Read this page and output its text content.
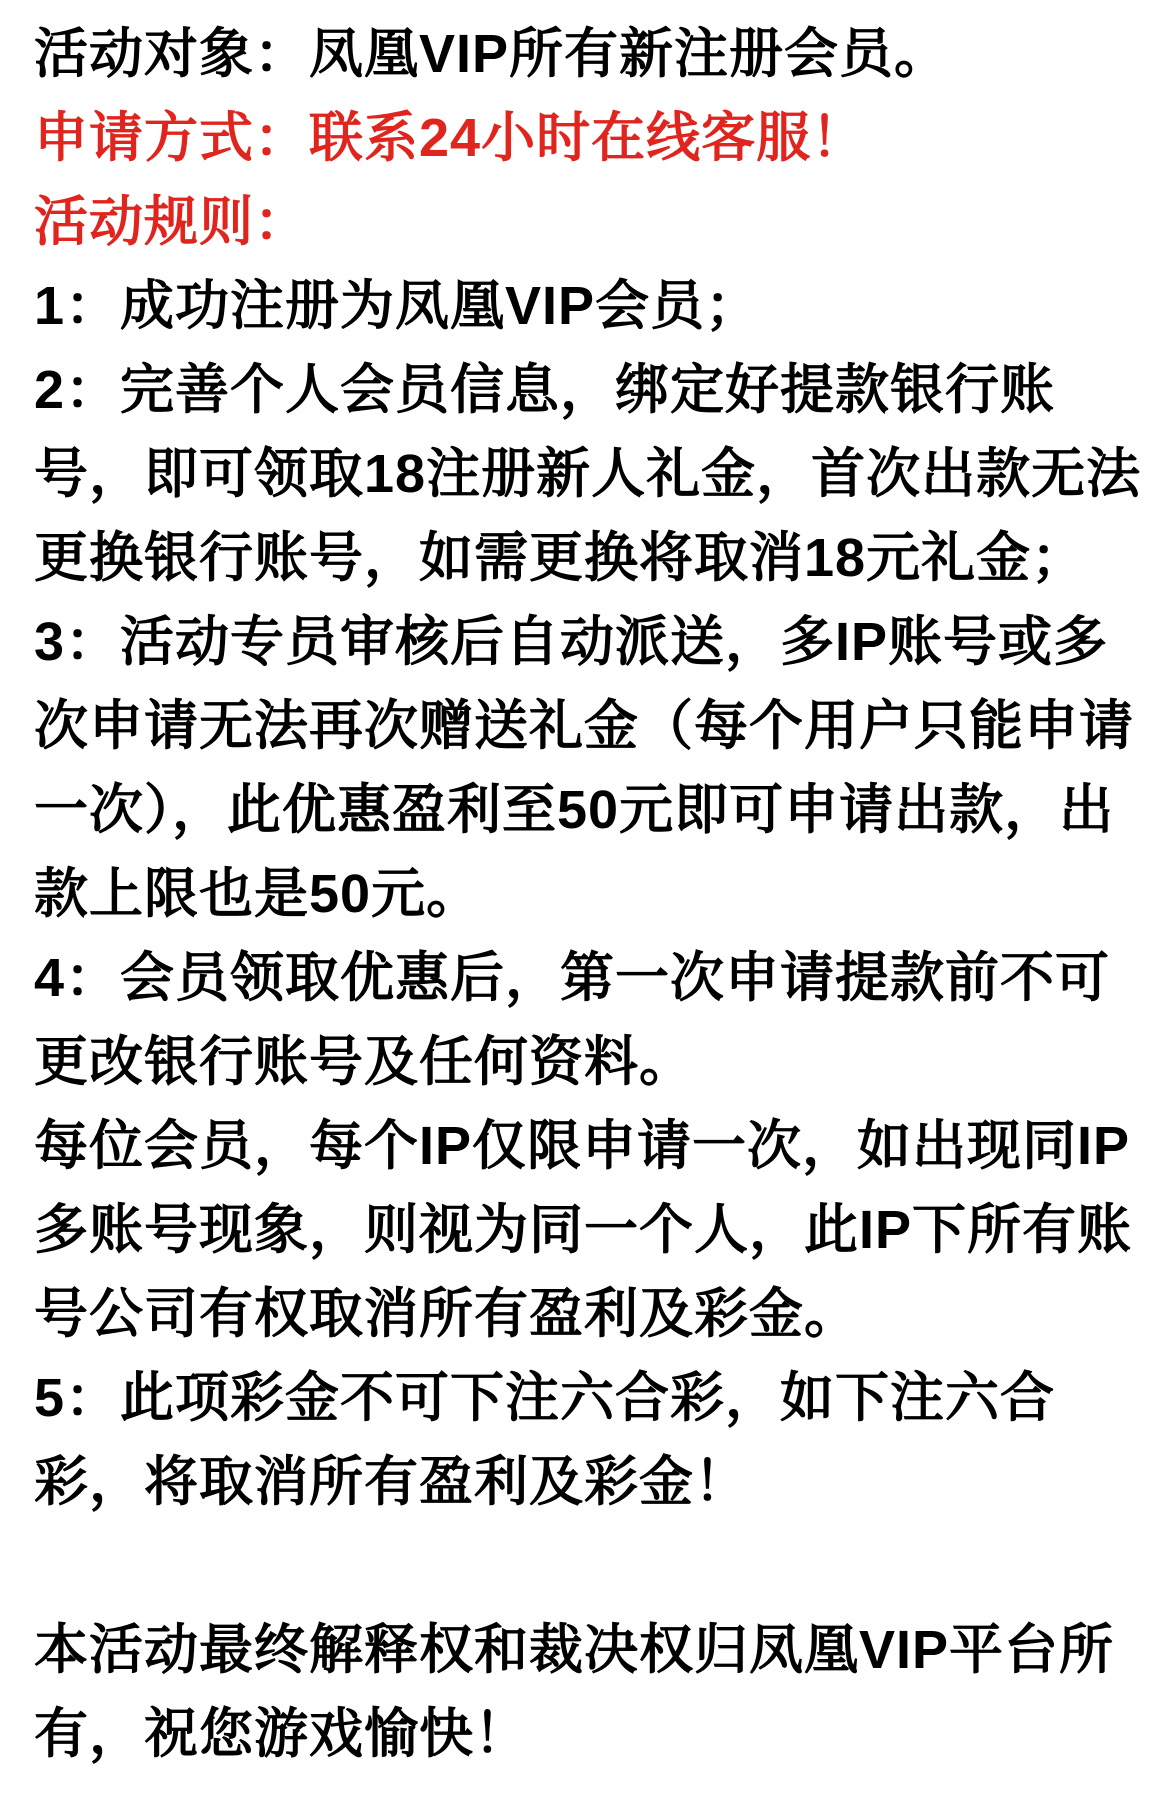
活动对象：凤凰VIP所有新注册会员。
申请方式：联系24小时在线客服！
活动规则：
1：成功注册为凤凰VIP会员；
2：完善个人会员信息，绑定好提款银行账
号，即可领取18注册新人礼金，首次出款无法
更换银行账号，如需更换将取消18元礼金；
3：活动专员审核后自动派送，多IP账号或多
次申请无法再次赠送礼金（每个用户只能申请
一次），此优惠盈利至50元即可申请出款，出
款上限也是50元。
4：会员领取优惠后，第一次申请提款前不可
更改银行账号及任何资料。
每位会员，每个IP仅限申请一次，如出现同IP
多账号现象，则视为同一个人，此IP下所有账
号公司有权取消所有盈利及彩金。
5：此项彩金不可下注六合彩，如下注六合
彩，将取消所有盈利及彩金！
本活动最终解释权和裁决权归凤凰VIP平台所
有，祝您游戏愉快！
